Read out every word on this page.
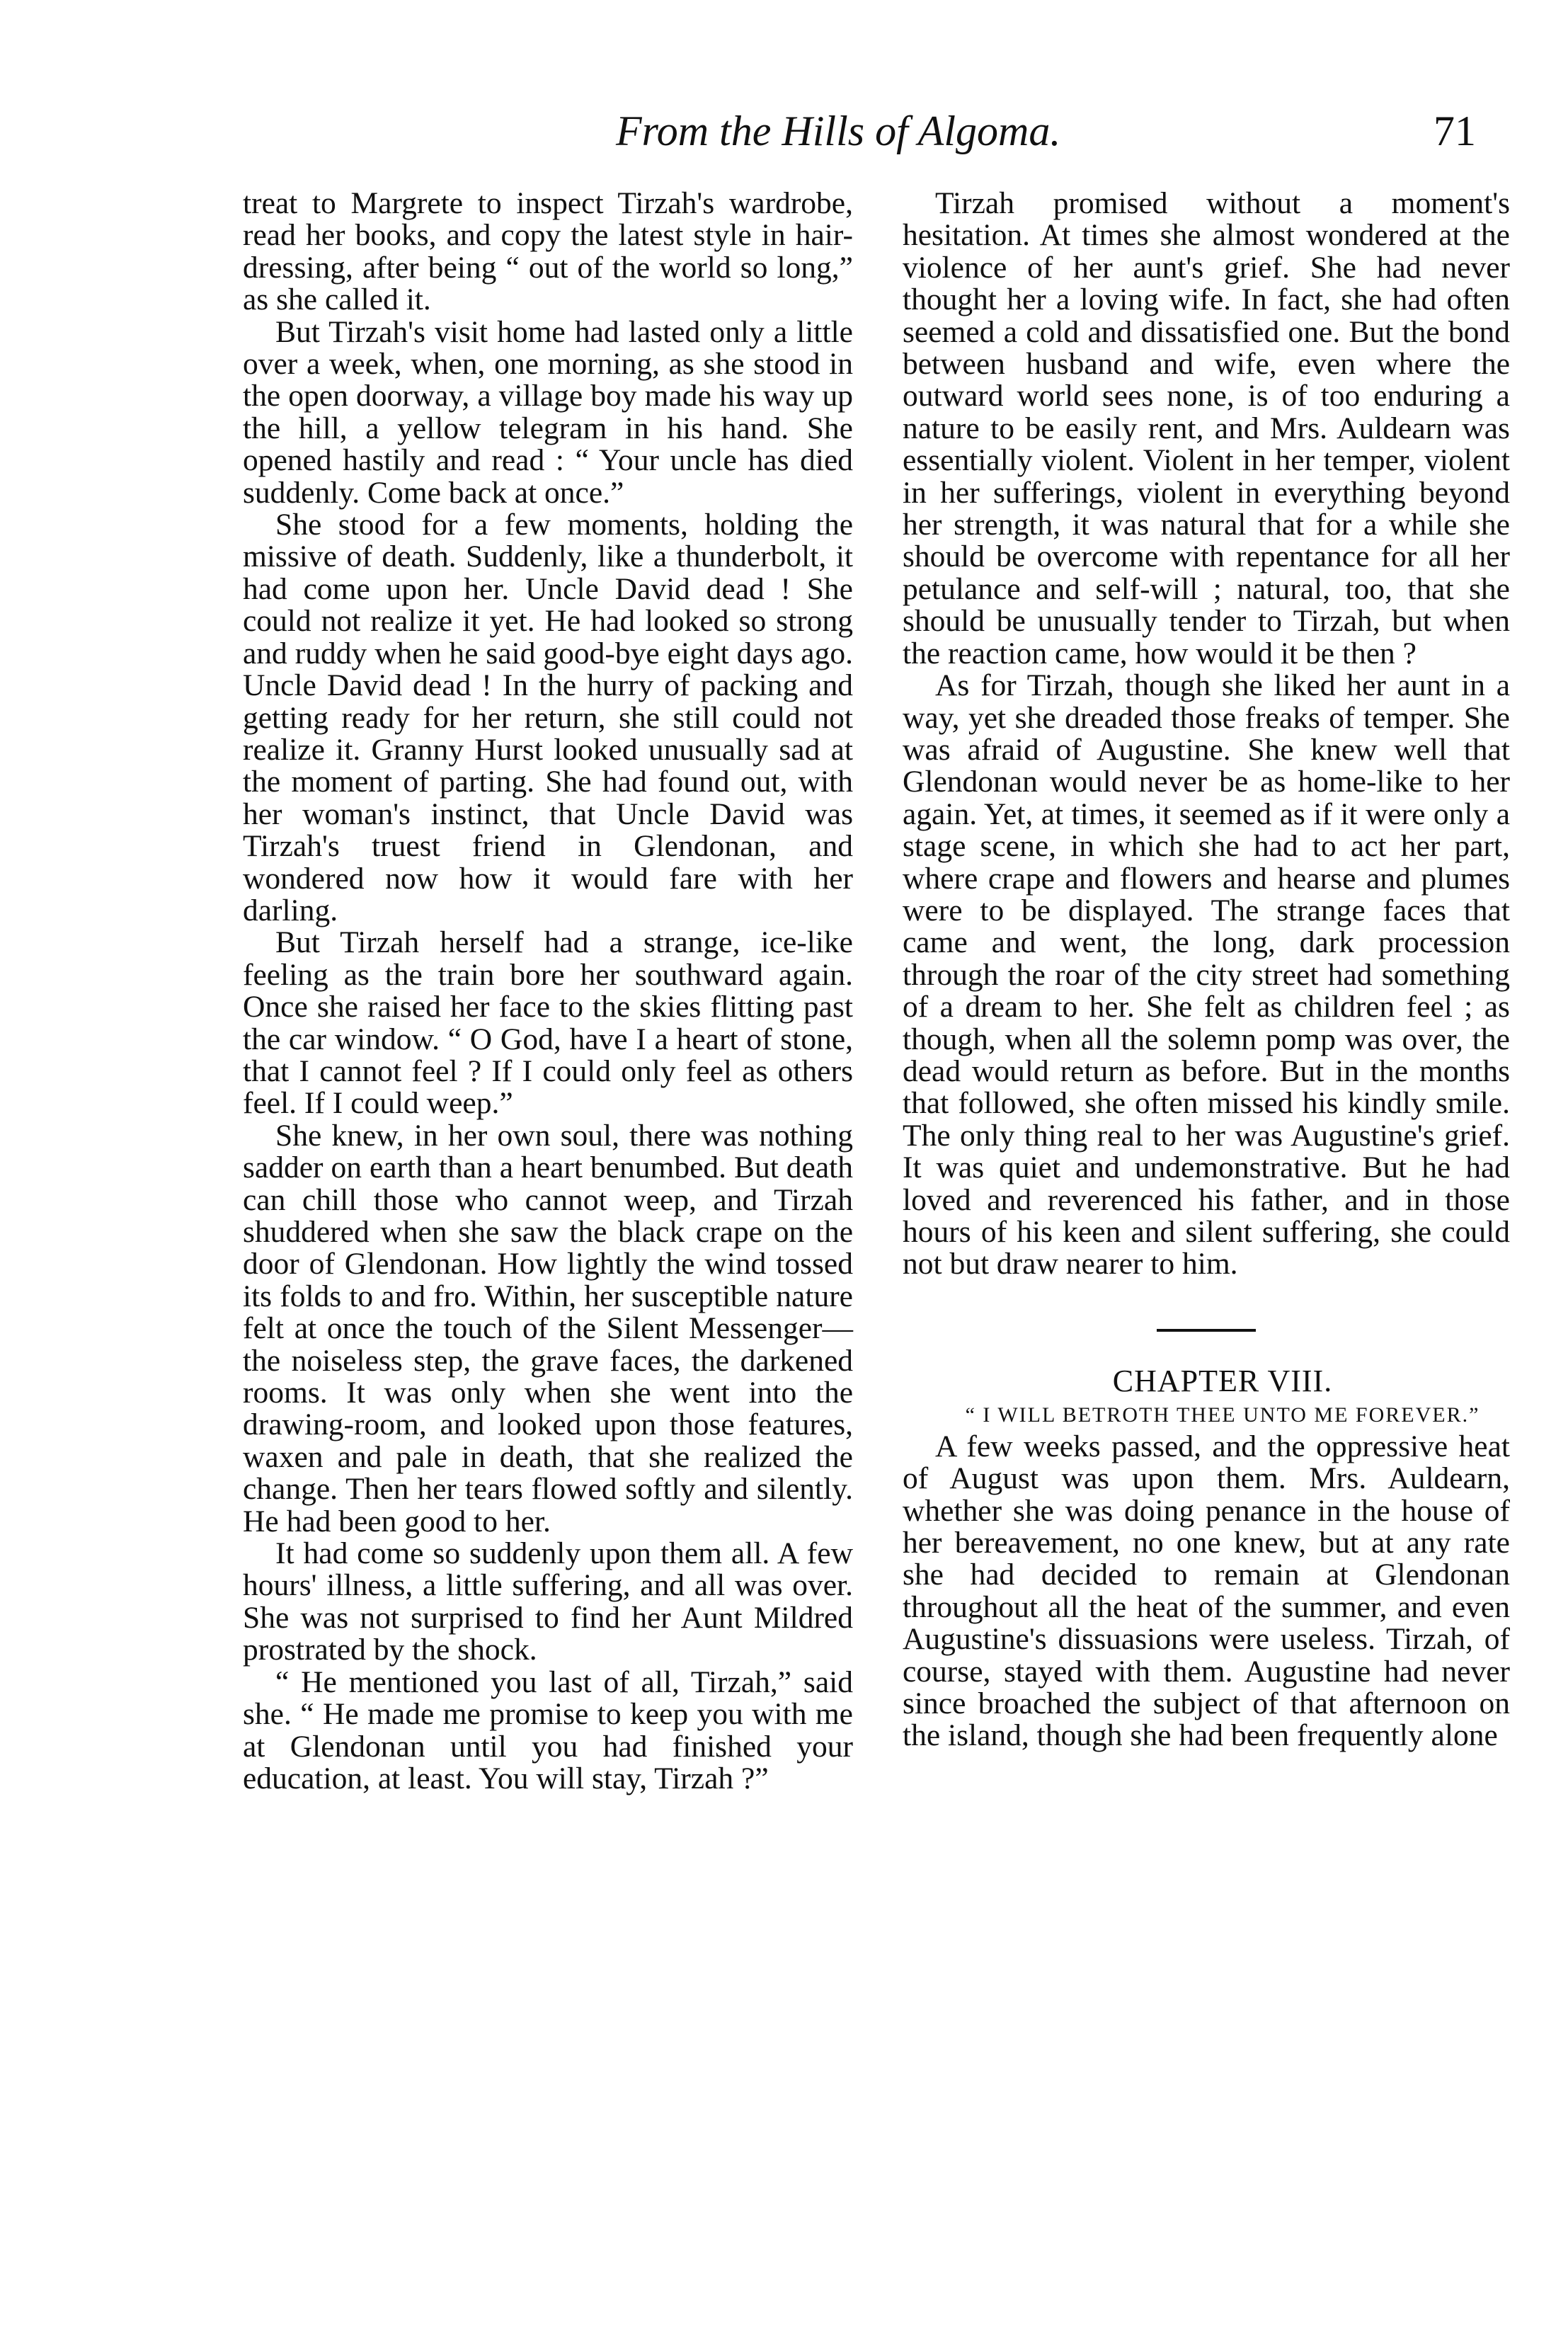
From the Hills of Algoma.	71

treat to Margrete to inspect Tirzah's wardrobe, read her books, and copy the latest style in hair-dressing, after being “ out of the world so long,” as she called it.

But Tirzah's visit home had lasted only a little over a week, when, one morning, as she stood in the open doorway, a village boy made his way up the hill, a yellow telegram in his hand. She opened hastily and read : “ Your uncle has died suddenly. Come back at once.”

She stood for a few moments, holding the missive of death. Suddenly, like a thunderbolt, it had come upon her. Uncle David dead ! She could not realize it yet. He had looked so strong and ruddy when he said good-bye eight days ago. Uncle David dead ! In the hurry of packing and getting ready for her return, she still could not realize it. Granny Hurst looked unusually sad at the moment of parting. She had found out, with her woman's instinct, that Uncle David was Tirzah's truest friend in Glendonan, and wondered now how it would fare with her darling.

But Tirzah herself had a strange, ice-like feeling as the train bore her southward again. Once she raised her face to the skies flitting past the car window. “ O God, have I a heart of stone, that I cannot feel ? If I could only feel as others feel. If I could weep.”

She knew, in her own soul, there was nothing sadder on earth than a heart benumbed. But death can chill those who cannot weep, and Tirzah shuddered when she saw the black crape on the door of Glendonan. How lightly the wind tossed its folds to and fro. Within, her susceptible nature felt at once the touch of the Silent Messenger—the noiseless step, the grave faces, the darkened rooms. It was only when she went into the drawing-room, and looked upon those features, waxen and pale in death, that she realized the change. Then her tears flowed softly and silently. He had been good to her.

It had come so suddenly upon them all. A few hours' illness, a little suffering, and all was over. She was not surprised to find her Aunt Mildred prostrated by the shock.

“ He mentioned you last of all, Tirzah,” said she. “ He made me promise to keep you with me at Glendonan until you had finished your education, at least. You will stay, Tirzah ?”

Tirzah promised without a moment's hesitation. At times she almost wondered at the violence of her aunt's grief. She had never thought her a loving wife. In fact, she had often seemed a cold and dissatisfied one. But the bond between husband and wife, even where the outward world sees none, is of too enduring a nature to be easily rent, and Mrs. Auldearn was essentially violent. Violent in her temper, violent in her sufferings, violent in everything beyond her strength, it was natural that for a while she should be overcome with repentance for all her petulance and self-will ; natural, too, that she should be unusually tender to Tirzah, but when the reaction came, how would it be then ?

As for Tirzah, though she liked her aunt in a way, yet she dreaded those freaks of temper. She was afraid of Augustine. She knew well that Glendonan would never be as home-like to her again. Yet, at times, it seemed as if it were only a stage scene, in which she had to act her part, where crape and flowers and hearse and plumes were to be displayed. The strange faces that came and went, the long, dark procession through the roar of the city street had something of a dream to her. She felt as children feel ; as though, when all the solemn pomp was over, the dead would return as before. But in the months that followed, she often missed his kindly smile. The only thing real to her was Augustine's grief. It was quiet and undemonstrative. But he had loved and reverenced his father, and in those hours of his keen and silent suffering, she could not but draw nearer to him.

CHAPTER VIII.

“ I WILL BETROTH THEE UNTO ME FOREVER.”

A few weeks passed, and the oppressive heat of August was upon them. Mrs. Auldearn, whether she was doing penance in the house of her bereavement, no one knew, but at any rate she had decided to remain at Glendonan throughout all the heat of the summer, and even Augustine's dissuasions were useless. Tirzah, of course, stayed with them. Augustine had never since broached the subject of that afternoon on the island, though she had been frequently alone
